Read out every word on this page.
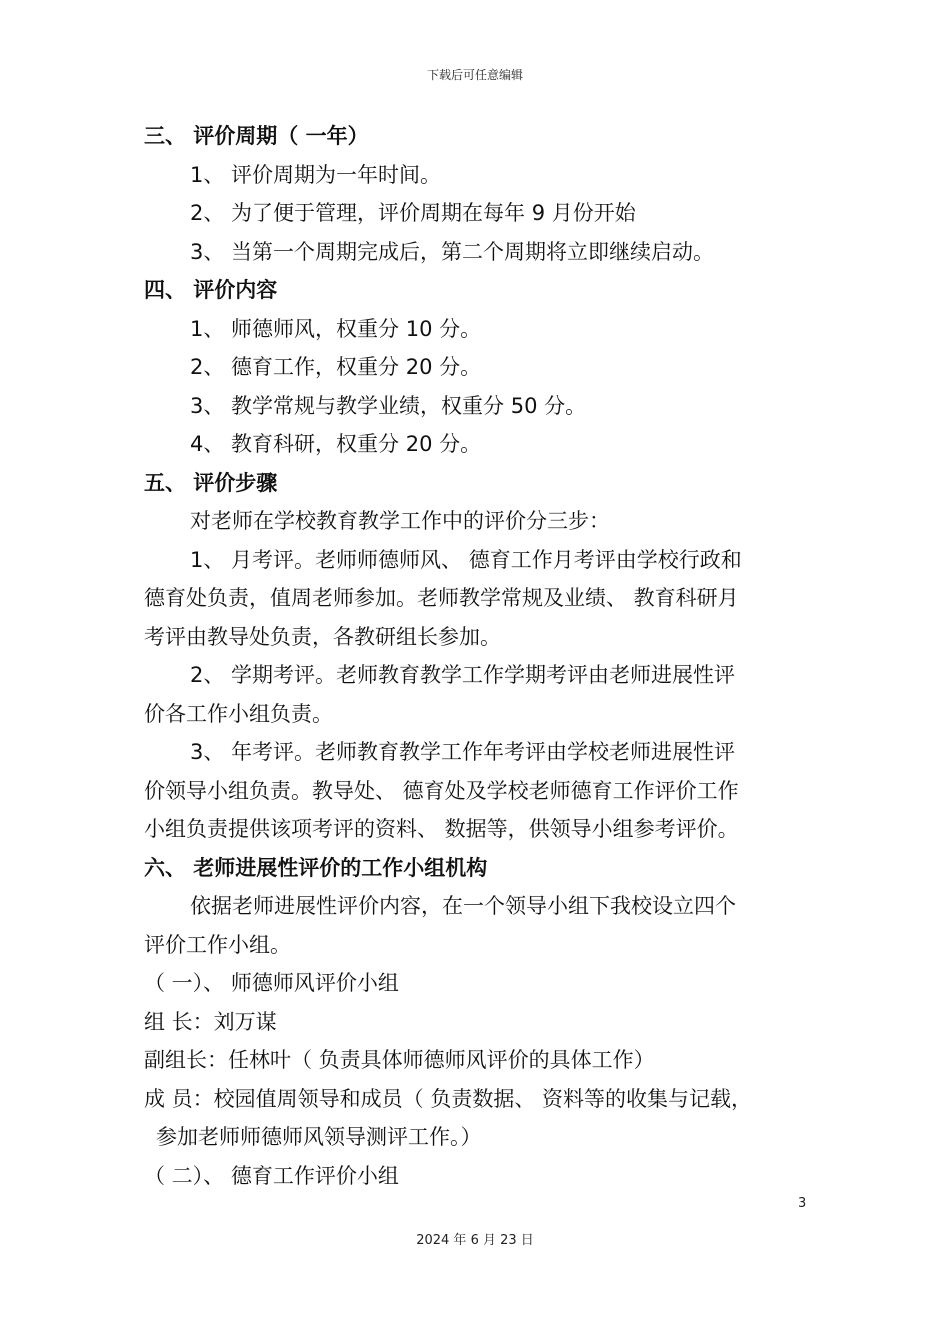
下载后可任意编辑

三、 评价周期（ 一年）

1、 评价周期为一年时间。

2、 为了便于管理，评价周期在每年 9 月份开始

3、 当第一个周期完成后，第二个周期将立即继续启动。

四、 评价内容

1、 师德师风，权重分 10 分。

2、 德育工作，权重分 20 分。

3、 教学常规与教学业绩，权重分 50 分。

4、 教育科研，权重分 20 分。

五、 评价步骤

对老师在学校教育教学工作中的评价分三步：

1、 月考评。老师师德师风、 德育工作月考评由学校行政和

德育处负责，值周老师参加。老师教学常规及业绩、 教育科研月

考评由教导处负责，各教研组长参加。

2、 学期考评。老师教育教学工作学期考评由老师进展性评

价各工作小组负责。

3、 年考评。老师教育教学工作年考评由学校老师进展性评

价领导小组负责。教导处、 德育处及学校老师德育工作评价工作

小组负责提供该项考评的资料、 数据等，供领导小组参考评价。

六、 老师进展性评价的工作小组机构

依据老师进展性评价内容，在一个领导小组下我校设立四个

评价工作小组。

（ 一）、 师德师风评价小组

组 长：刘万谋

副组长：任林叶（ 负责具体师德师风评价的具体工作）

成 员：校园值周领导和成员（ 负责数据、 资料等的收集与记载，

参加老师师德师风领导测评工作。）

（ 二）、 德育工作评价小组

3
2024 年 6 月 23 日
